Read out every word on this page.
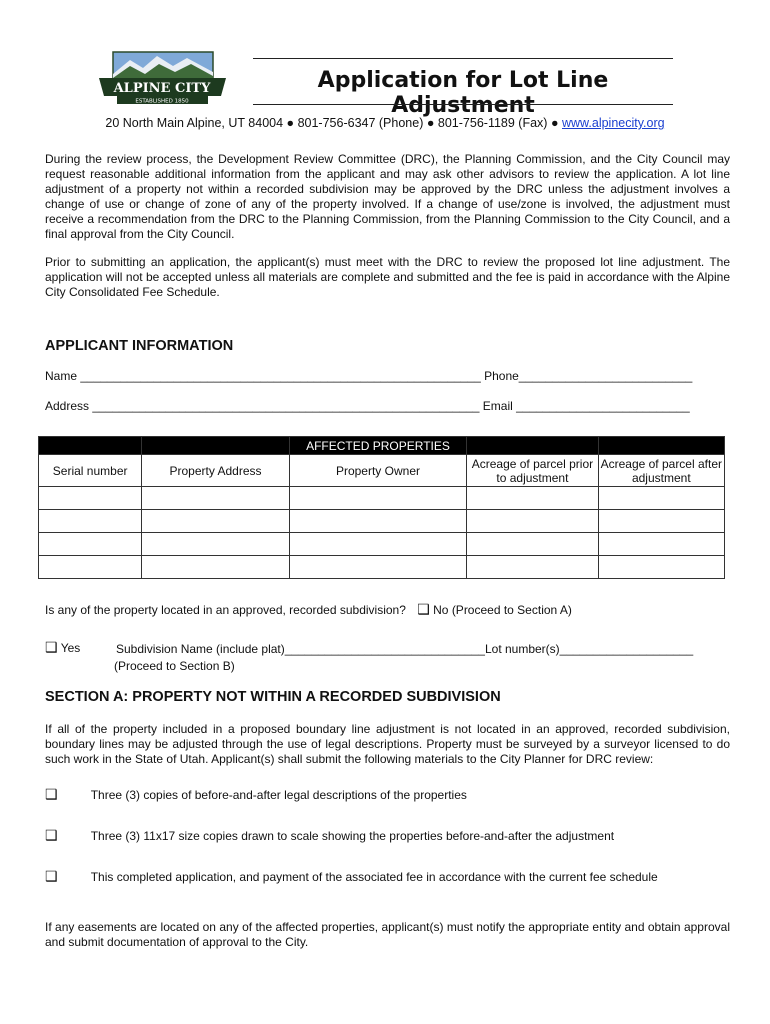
ALPINE CITY
ESTABLISHED 1850
Application for Lot Line Adjustment
20 North Main Alpine, UT 84004 ● 801-756-6347 (Phone) ● 801-756-1189 (Fax) ● www.alpinecity.org
During the review process, the Development Review Committee (DRC), the Planning Commission, and the City Council may request reasonable additional information from the applicant and may ask other advisors to review the application. A lot line adjustment of a property not within a recorded subdivision may be approved by the DRC unless the adjustment involves a change of use or change of zone of any of the property involved. If a change of use/zone is involved, the adjustment must receive a recommendation from the DRC to the Planning Commission, from the Planning Commission to the City Council, and a final approval from the City Council.
Prior to submitting an application, the applicant(s) must meet with the DRC to review the proposed lot line adjustment. The application will not be accepted unless all materials are complete and submitted and the fee is paid in accordance with the Alpine City Consolidated Fee Schedule.
APPLICANT INFORMATION
Name ____________________________________________________________ Phone__________________________
Address __________________________________________________________ Email __________________________
		AFFECTED PROPERTIES		
Serial number	Property Address	Property Owner	Acreage of parcel prior to adjustment	Acreage of parcel after adjustment

Is any of the property located in an approved, recorded subdivision? ❑ No (Proceed to Section A)
❑ Yes	Subdivision Name (include plat)______________________________Lot number(s)____________________
(Proceed to Section B)
SECTION A: PROPERTY NOT WITHIN A RECORDED SUBDIVISION
If all of the property included in a proposed boundary line adjustment is not located in an approved, recorded subdivision, boundary lines may be adjusted through the use of legal descriptions. Property must be surveyed by a surveyor licensed to do such work in the State of Utah. Applicant(s) shall submit the following materials to the City Planner for DRC review:
❑	Three (3) copies of before-and-after legal descriptions of the properties
❑	Three (3) 11x17 size copies drawn to scale showing the properties before-and-after the adjustment
❑	This completed application, and payment of the associated fee in accordance with the current fee schedule
If any easements are located on any of the affected properties, applicant(s) must notify the appropriate entity and obtain approval and submit documentation of approval to the City.
